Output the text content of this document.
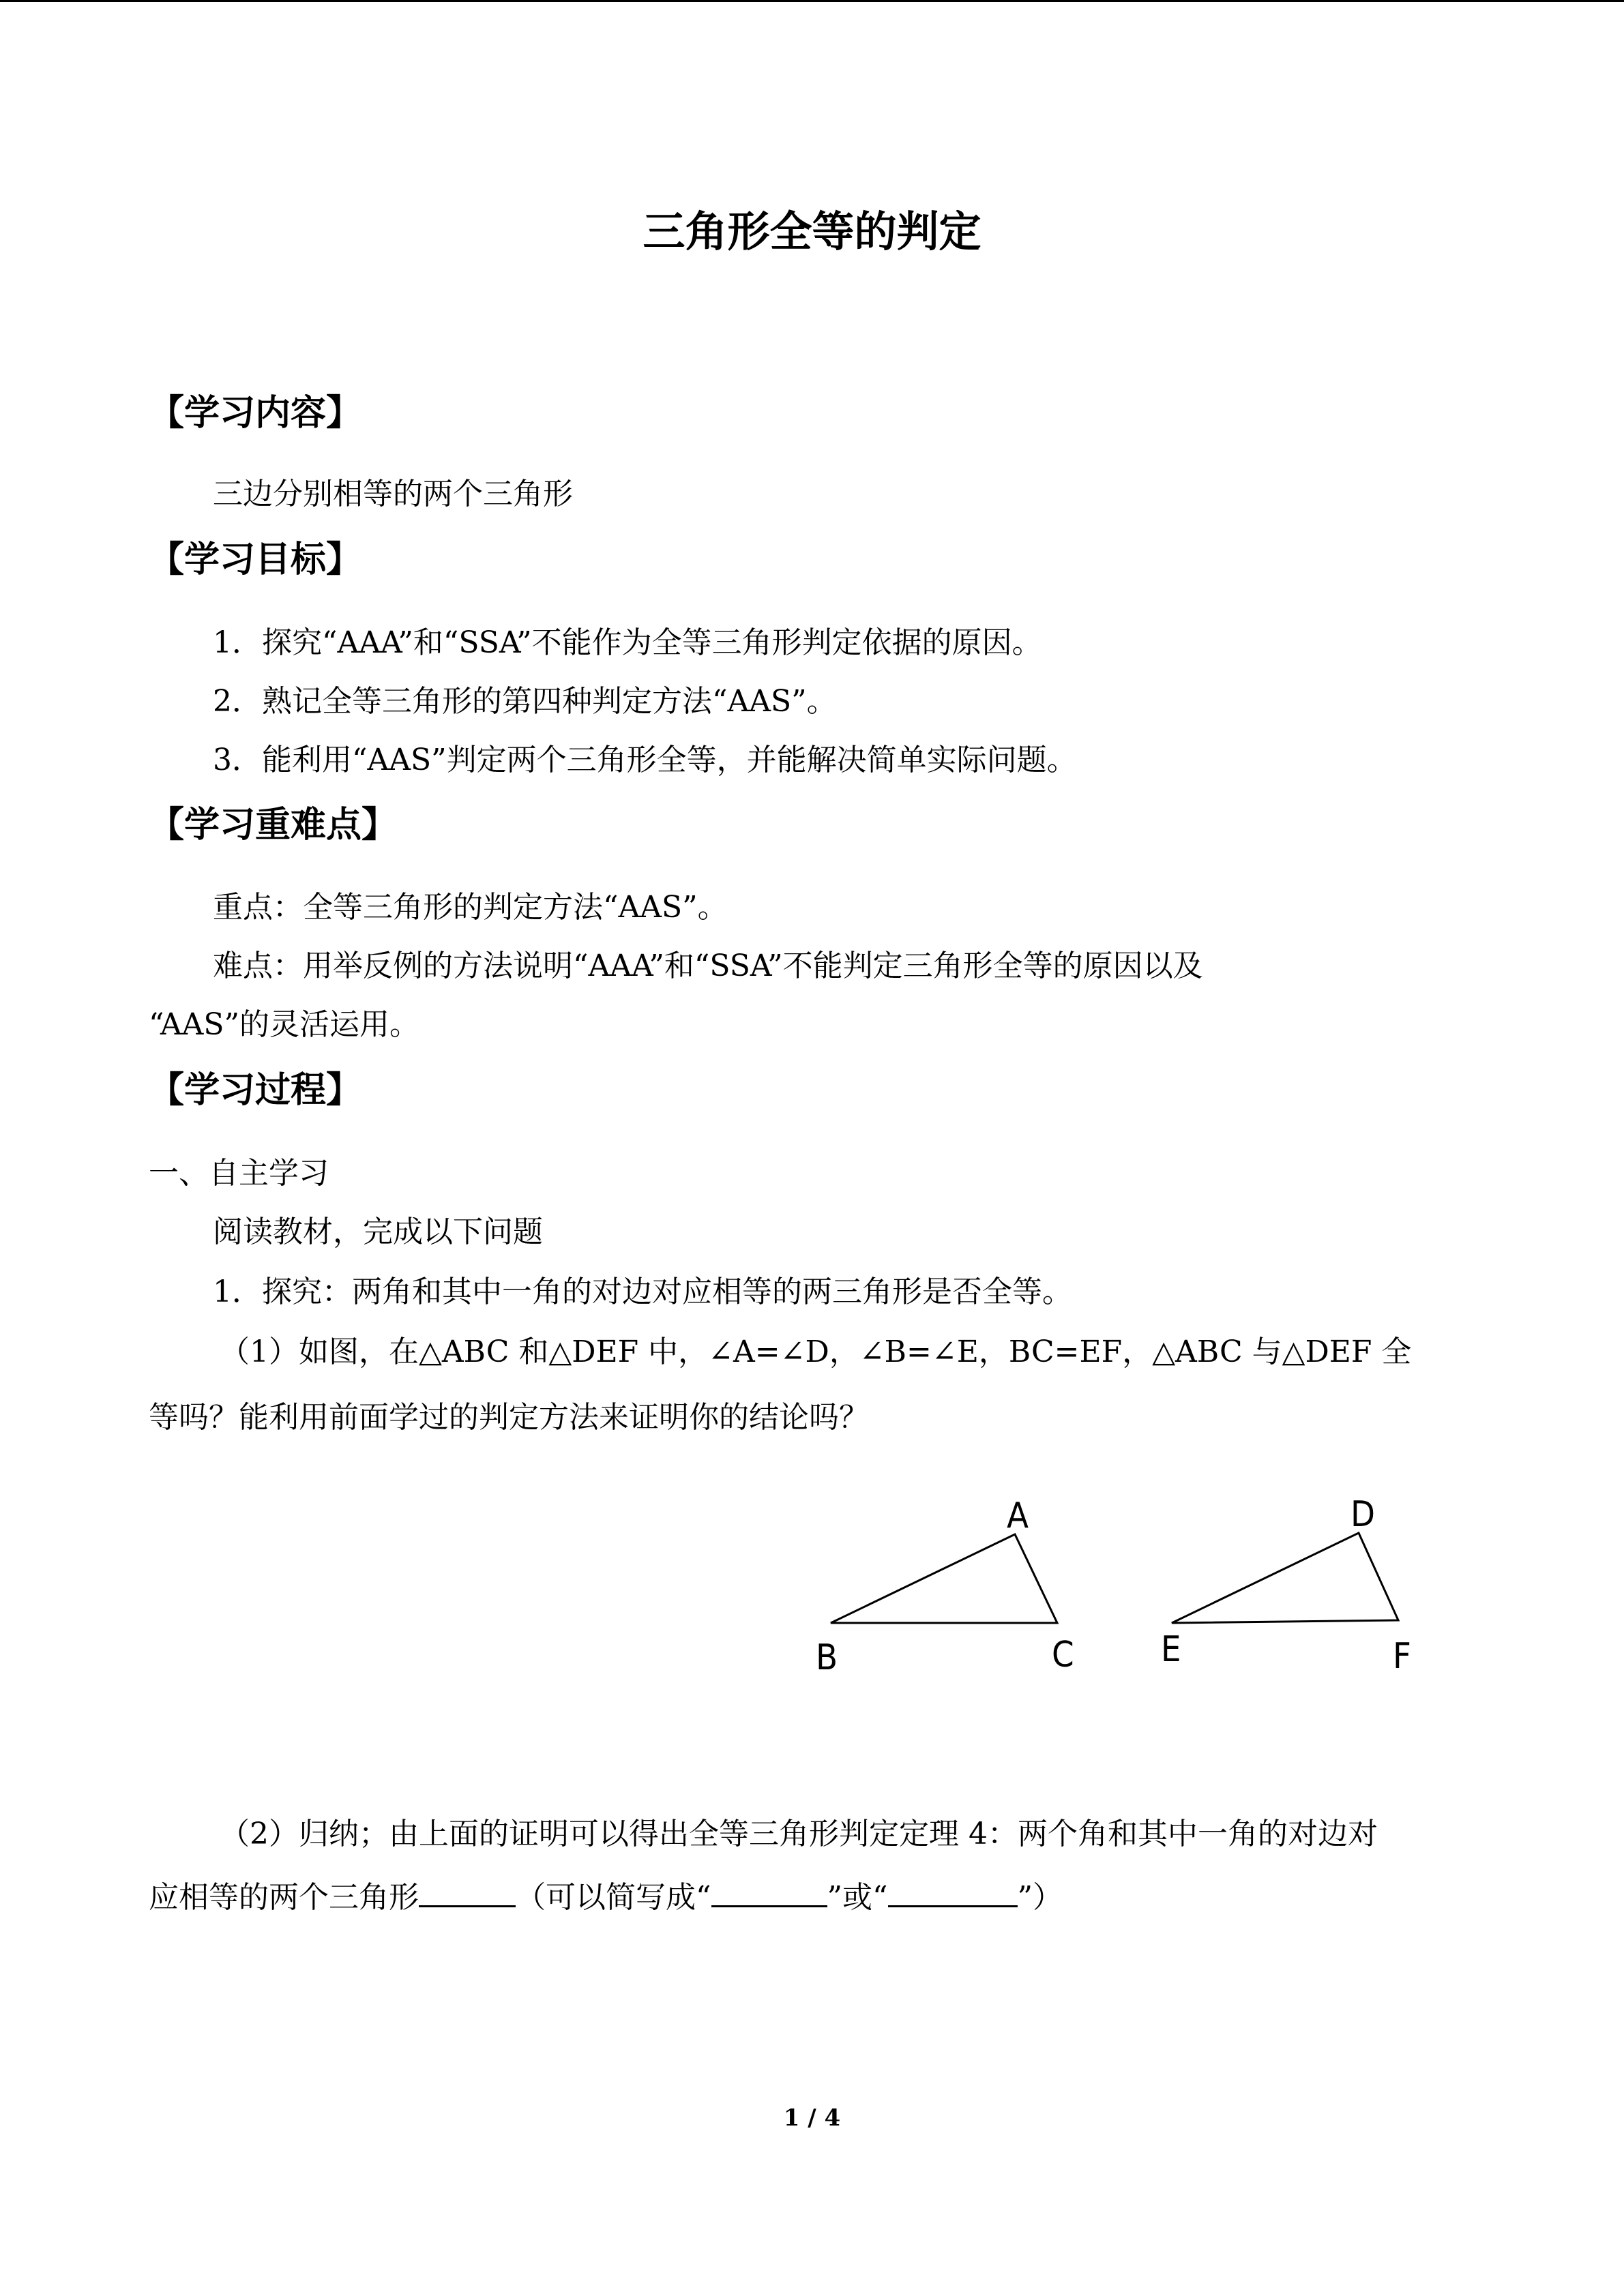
三角形全等的判定
【学习内容】
三边分别相等的两个三角形
【学习目标】
1．探究“AAA”和“SSA”不能作为全等三角形判定依据的原因。
2．熟记全等三角形的第四种判定方法“AAS”。
3．能利用“AAS”判定两个三角形全等，并能解决简单实际问题。
【学习重难点】
重点：全等三角形的判定方法“AAS”。
难点：用举反例的方法说明“AAA”和“SSA”不能判定三角形全等的原因以及
“AAS”的灵活运用。
【学习过程】
一、自主学习
阅读教材，完成以下问题
1．探究：两角和其中一角的对边对应相等的两三角形是否全等。
（1）如图，在△ABC 和△DEF 中，∠A=∠D，∠B=∠E，BC=EF，△ABC 与△DEF 全
等吗？能利用前面学过的判定方法来证明你的结论吗？
A
B	C
D
E	F
（2）归纳；由上面的证明可以得出全等三角形判定定理 4：两个角和其中一角的对边对
应相等的两个三角形	（可以简写成“	”或“	”）
1 / 4
